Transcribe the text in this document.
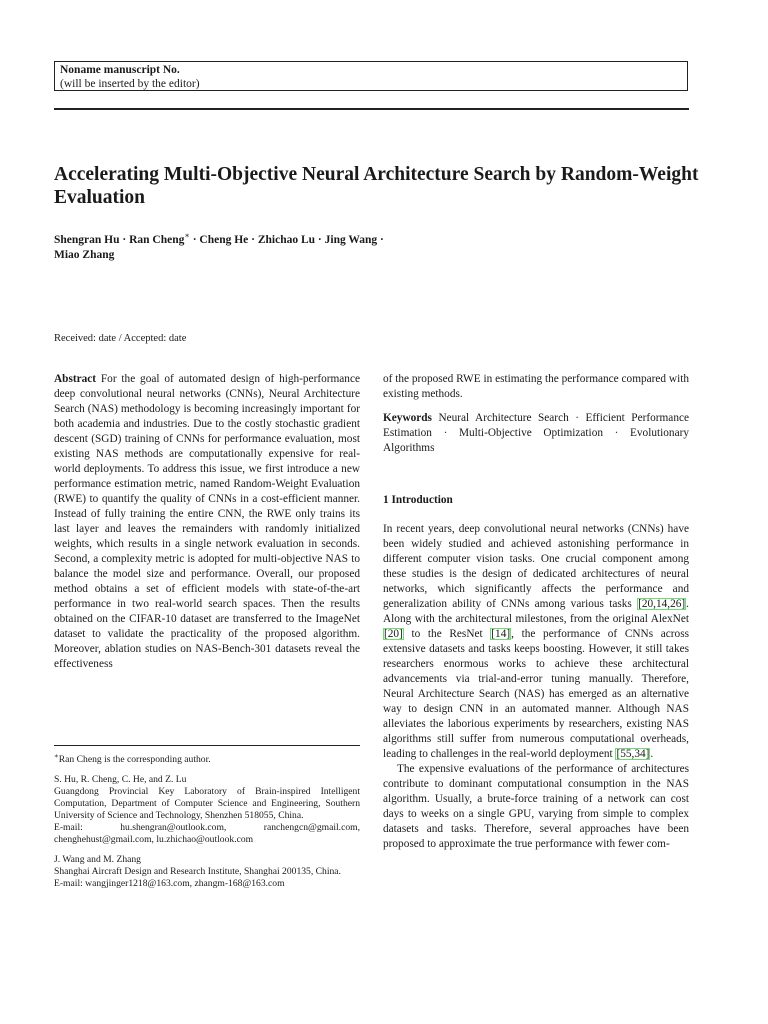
Noname manuscript No.
(will be inserted by the editor)
Accelerating Multi-Objective Neural Architecture Search by Random-Weight Evaluation
Shengran Hu · Ran Cheng∗ · Cheng He · Zhichao Lu · Jing Wang ·
Miao Zhang
Received: date / Accepted: date

Abstract For the goal of automated design of high-performance deep convolutional neural networks (CNNs), Neural Architecture Search (NAS) methodology is becoming increasingly important for both academia and industries. Due to the costly stochastic gradient descent (SGD) training of CNNs for performance evaluation, most existing NAS methods are computationally expensive for real-world deployments. To address this issue, we first introduce a new performance estimation metric, named Random-Weight Evaluation (RWE) to quantify the quality of CNNs in a cost-efficient manner. Instead of fully training the entire CNN, the RWE only trains its last layer and leaves the remainders with randomly initialized weights, which results in a single network evaluation in seconds. Second, a complexity metric is adopted for multi-objective NAS to balance the model size and performance. Overall, our proposed method obtains a set of efficient models with state-of-the-art performance in two real-world search spaces. Then the results obtained on the CIFAR-10 dataset are transferred to the ImageNet dataset to validate the practicality of the proposed algorithm. Moreover, ablation studies on NAS-Bench-301 datasets reveal the effectiveness

of the proposed RWE in estimating the performance compared with existing methods.

Keywords Neural Architecture Search · Efficient Performance Estimation · Multi-Objective Optimization · Evolutionary Algorithms

1 Introduction

In recent years, deep convolutional neural networks (CNNs) have been widely studied and achieved astonishing performance in different computer vision tasks. One crucial component among these studies is the design of dedicated architectures of neural networks, which significantly affects the performance and generalization ability of CNNs among various tasks [20,14,26]. Along with the architectural milestones, from the original AlexNet [20] to the ResNet [14], the performance of CNNs across extensive datasets and tasks keeps boosting. However, it still takes researchers enormous works to achieve these architectural advancements via trial-and-error tuning manually. Therefore, Neural Architecture Search (NAS) has emerged as an alternative way to design CNN in an automated manner. Although NAS alleviates the laborious experiments by researchers, existing NAS algorithms still suffer from numerous computational overheads, leading to challenges in the real-world deployment [55,34].

The expensive evaluations of the performance of architectures contribute to dominant computational consumption in the NAS algorithm. Usually, a brute-force training of a network can cost days to weeks on a single GPU, varying from simple to complex datasets and tasks. Therefore, several approaches have been proposed to approximate the true performance with fewer com-

∗Ran Cheng is the corresponding author.

S. Hu, R. Cheng, C. He, and Z. Lu
Guangdong Provincial Key Laboratory of Brain-inspired Intelligent Computation, Department of Computer Science and Engineering, Southern University of Science and Technology, Shenzhen 518055, China.
E-mail: hu.shengran@outlook.com, ranchengcn@gmail.com, chenghehust@gmail.com, lu.zhichao@outlook.com

J. Wang and M. Zhang
Shanghai Aircraft Design and Research Institute, Shanghai 200135, China.
E-mail: wangjinger1218@163.com, zhangm-168@163.com
